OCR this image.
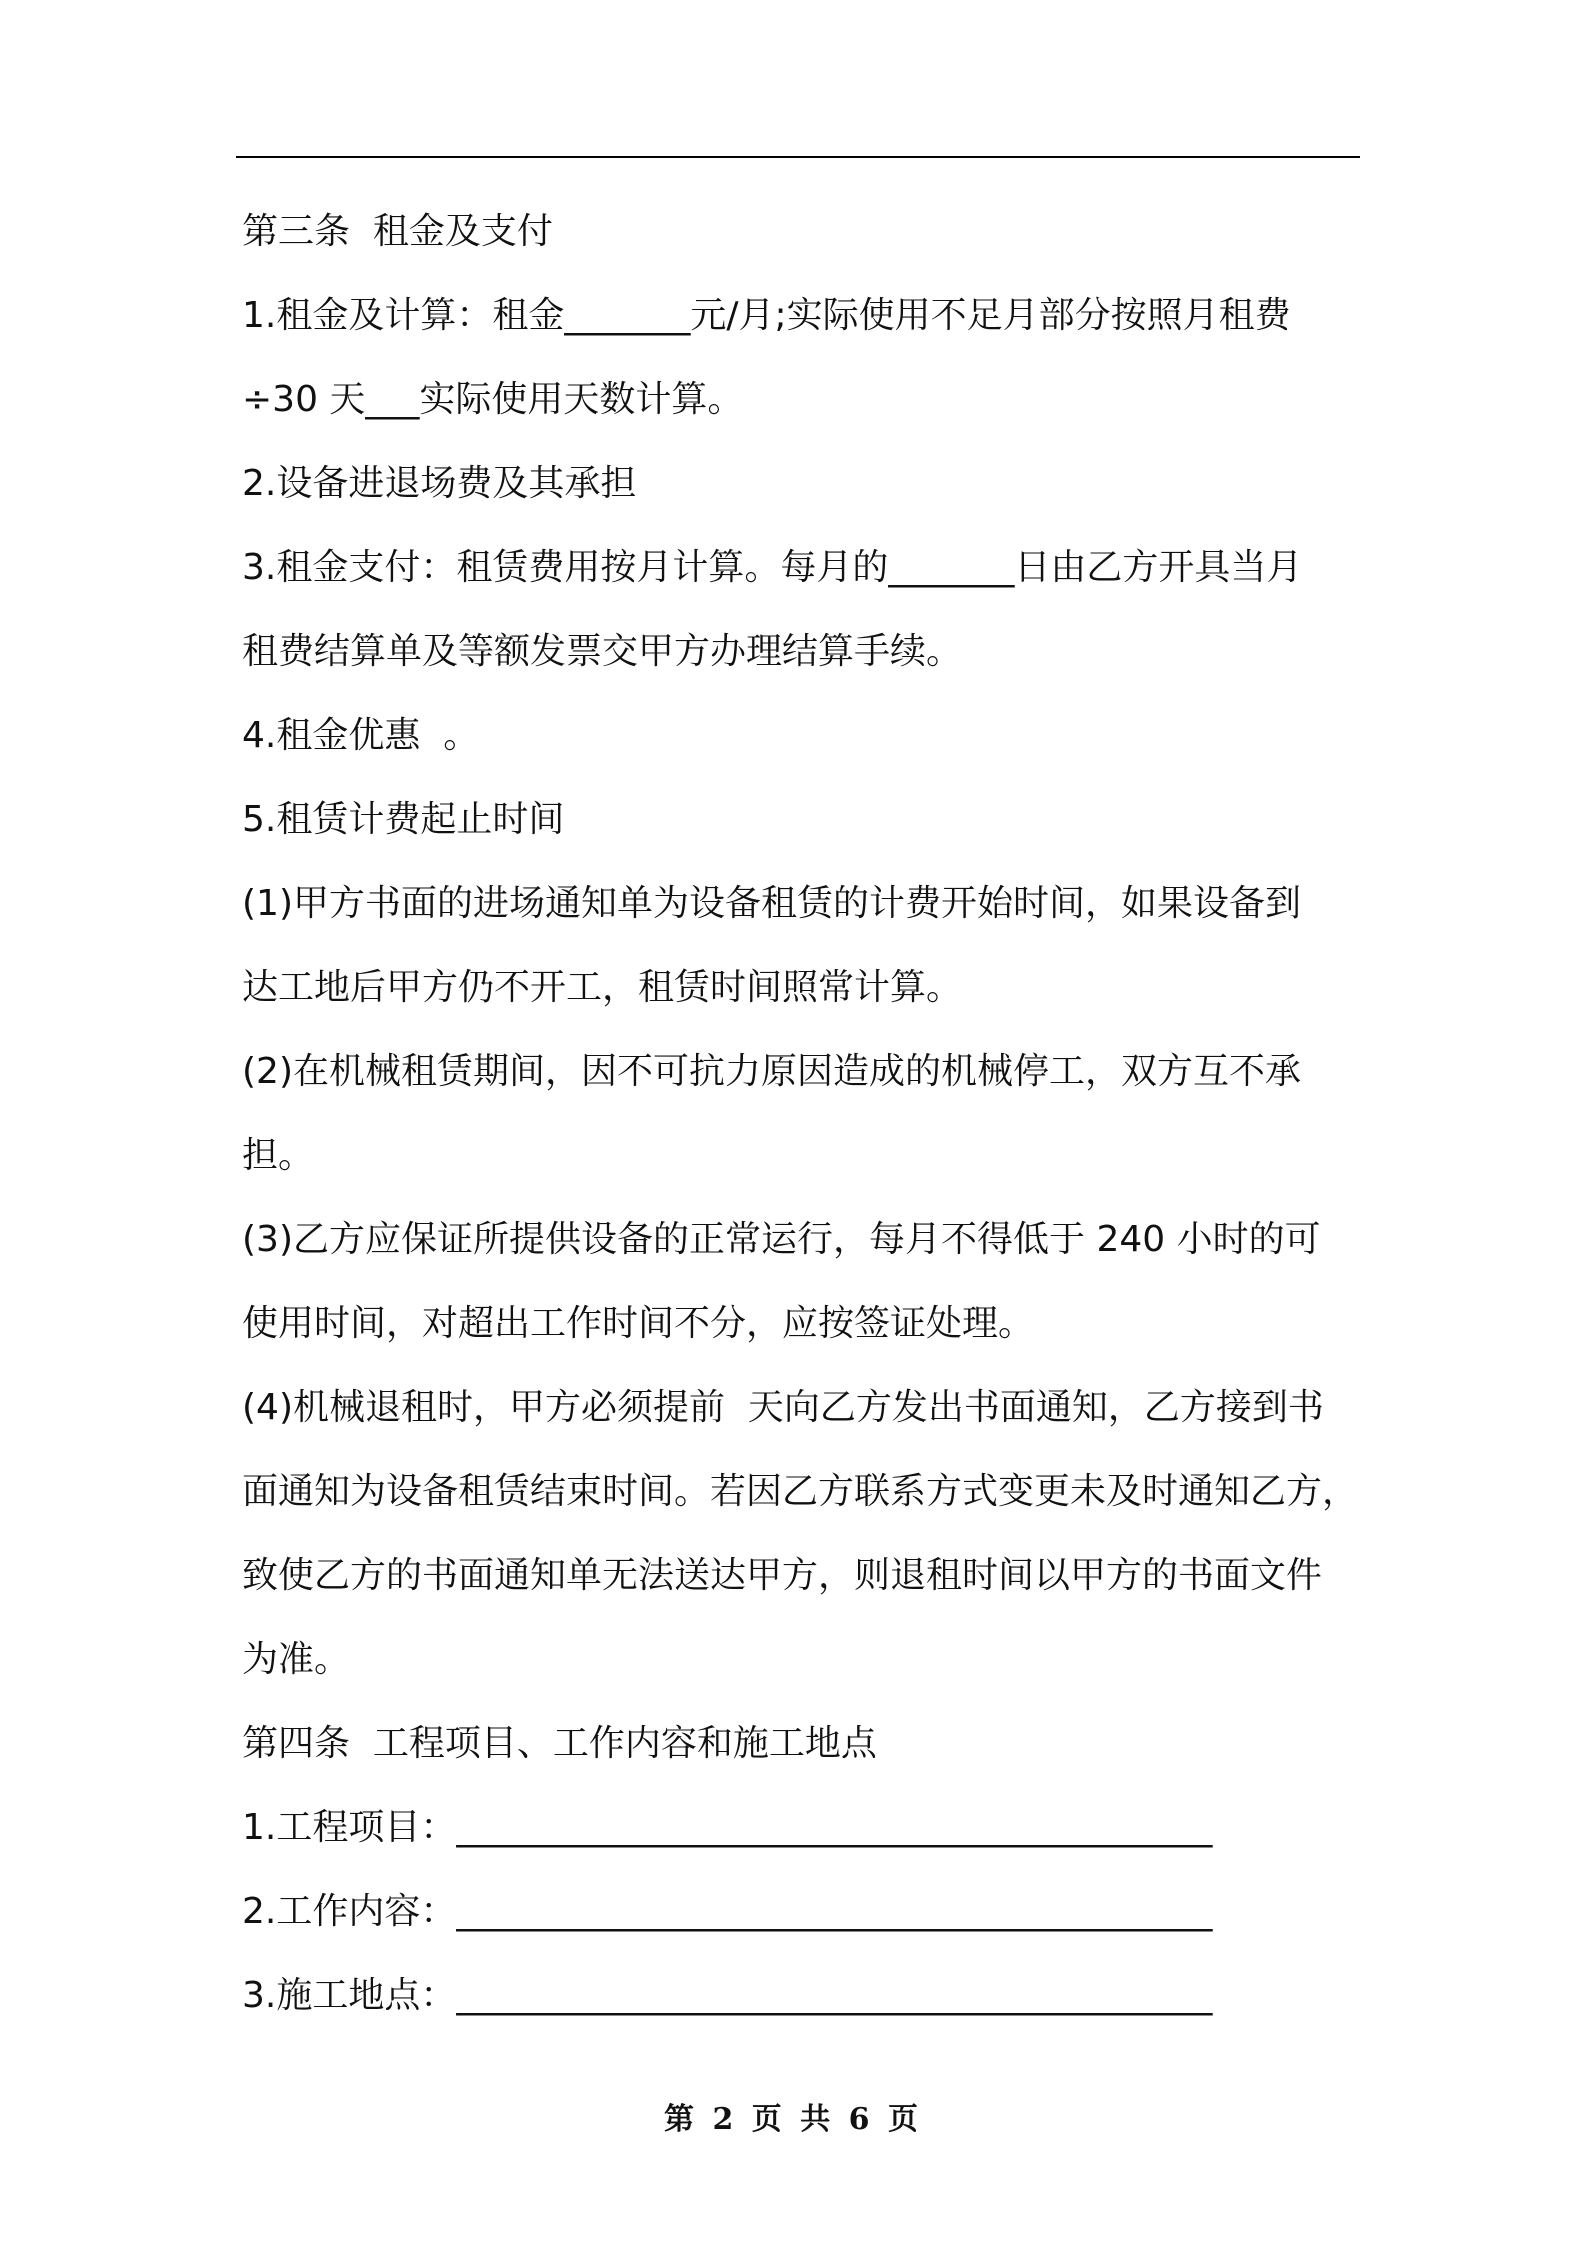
第三条  租金及支付
1.租金及计算：租金_______元/月;实际使用不足月部分按照月租费
÷30 天___实际使用天数计算。
2.设备进退场费及其承担
3.租金支付：租赁费用按月计算。每月的_______日由乙方开具当月
租费结算单及等额发票交甲方办理结算手续。
4.租金优惠  。
5.租赁计费起止时间
(1)甲方书面的进场通知单为设备租赁的计费开始时间，如果设备到
达工地后甲方仍不开工，租赁时间照常计算。
(2)在机械租赁期间，因不可抗力原因造成的机械停工，双方互不承
担。
(3)乙方应保证所提供设备的正常运行，每月不得低于 240 小时的可
使用时间，对超出工作时间不分，应按签证处理。
(4)机械退租时，甲方必须提前  天向乙方发出书面通知，乙方接到书
面通知为设备租赁结束时间。若因乙方联系方式变更未及时通知乙方，
致使乙方的书面通知单无法送达甲方，则退租时间以甲方的书面文件
为准。
第四条  工程项目、工作内容和施工地点
1.工程项目：__________________________________________
2.工作内容：__________________________________________
3.施工地点：__________________________________________
第 2 页 共 6 页
